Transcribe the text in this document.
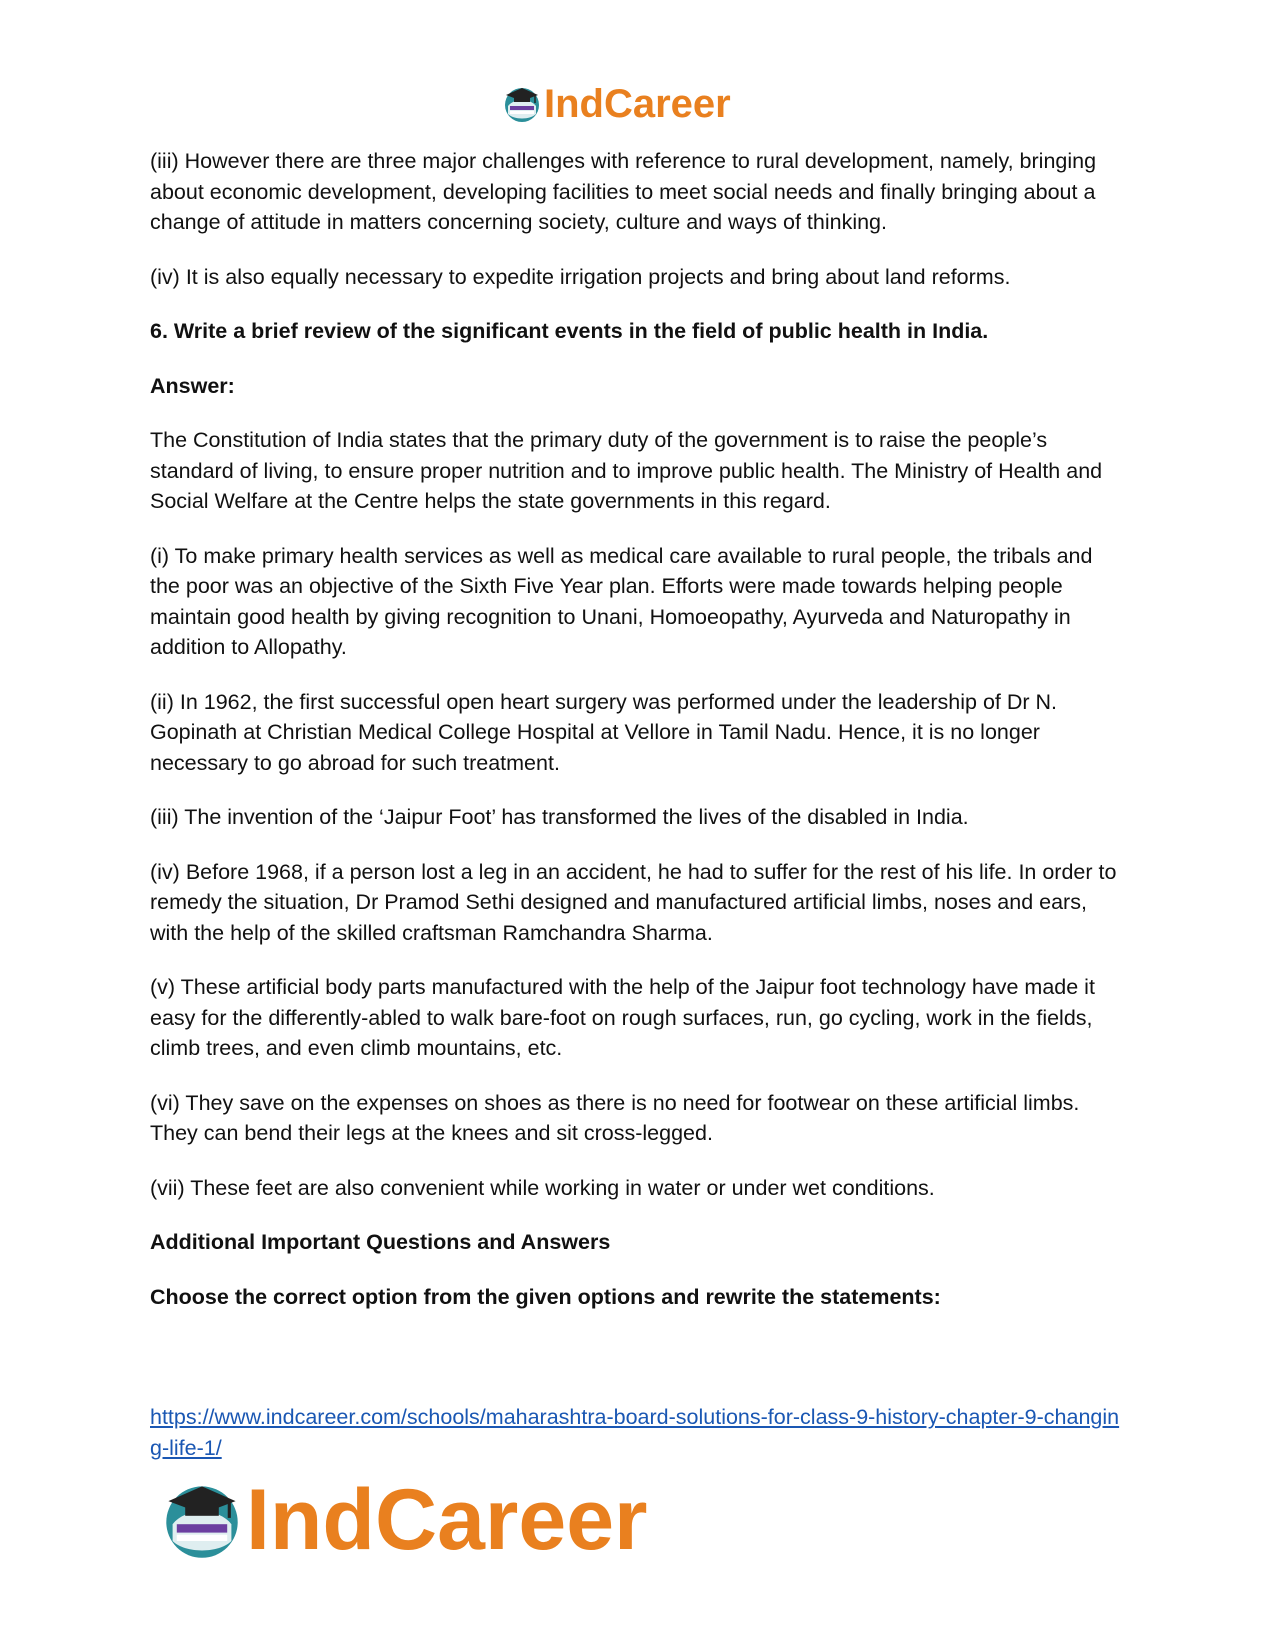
IndCareer

(iii) However there are three major challenges with reference to rural development, namely, bringing about economic development, developing facilities to meet social needs and finally bringing about a change of attitude in matters concerning society, culture and ways of thinking.

(iv) It is also equally necessary to expedite irrigation projects and bring about land reforms.

6. Write a brief review of the significant events in the field of public health in India.

Answer:

The Constitution of India states that the primary duty of the government is to raise the people’s standard of living, to ensure proper nutrition and to improve public health. The Ministry of Health and Social Welfare at the Centre helps the state governments in this regard.

(i) To make primary health services as well as medical care available to rural people, the tribals and the poor was an objective of the Sixth Five Year plan. Efforts were made towards helping people maintain good health by giving recognition to Unani, Homoeopathy, Ayurveda and Naturopathy in addition to Allopathy.

(ii) In 1962, the first successful open heart surgery was performed under the leadership of Dr N. Gopinath at Christian Medical College Hospital at Vellore in Tamil Nadu. Hence, it is no longer necessary to go abroad for such treatment.

(iii) The invention of the ‘Jaipur Foot’ has transformed the lives of the disabled in India.

(iv) Before 1968, if a person lost a leg in an accident, he had to suffer for the rest of his life. In order to remedy the situation, Dr Pramod Sethi designed and manufactured artificial limbs, noses and ears, with the help of the skilled craftsman Ramchandra Sharma.

(v) These artificial body parts manufactured with the help of the Jaipur foot technology have made it easy for the differently-abled to walk bare-foot on rough surfaces, run, go cycling, work in the fields, climb trees, and even climb mountains, etc.

(vi) They save on the expenses on shoes as there is no need for footwear on these artificial limbs. They can bend their legs at the knees and sit cross-legged.

(vii) These feet are also convenient while working in water or under wet conditions.

Additional Important Questions and Answers

Choose the correct option from the given options and rewrite the statements:

https://www.indcareer.com/schools/maharashtra-board-solutions-for-class-9-history-chapter-9-changing-life-1/
IndCareer
